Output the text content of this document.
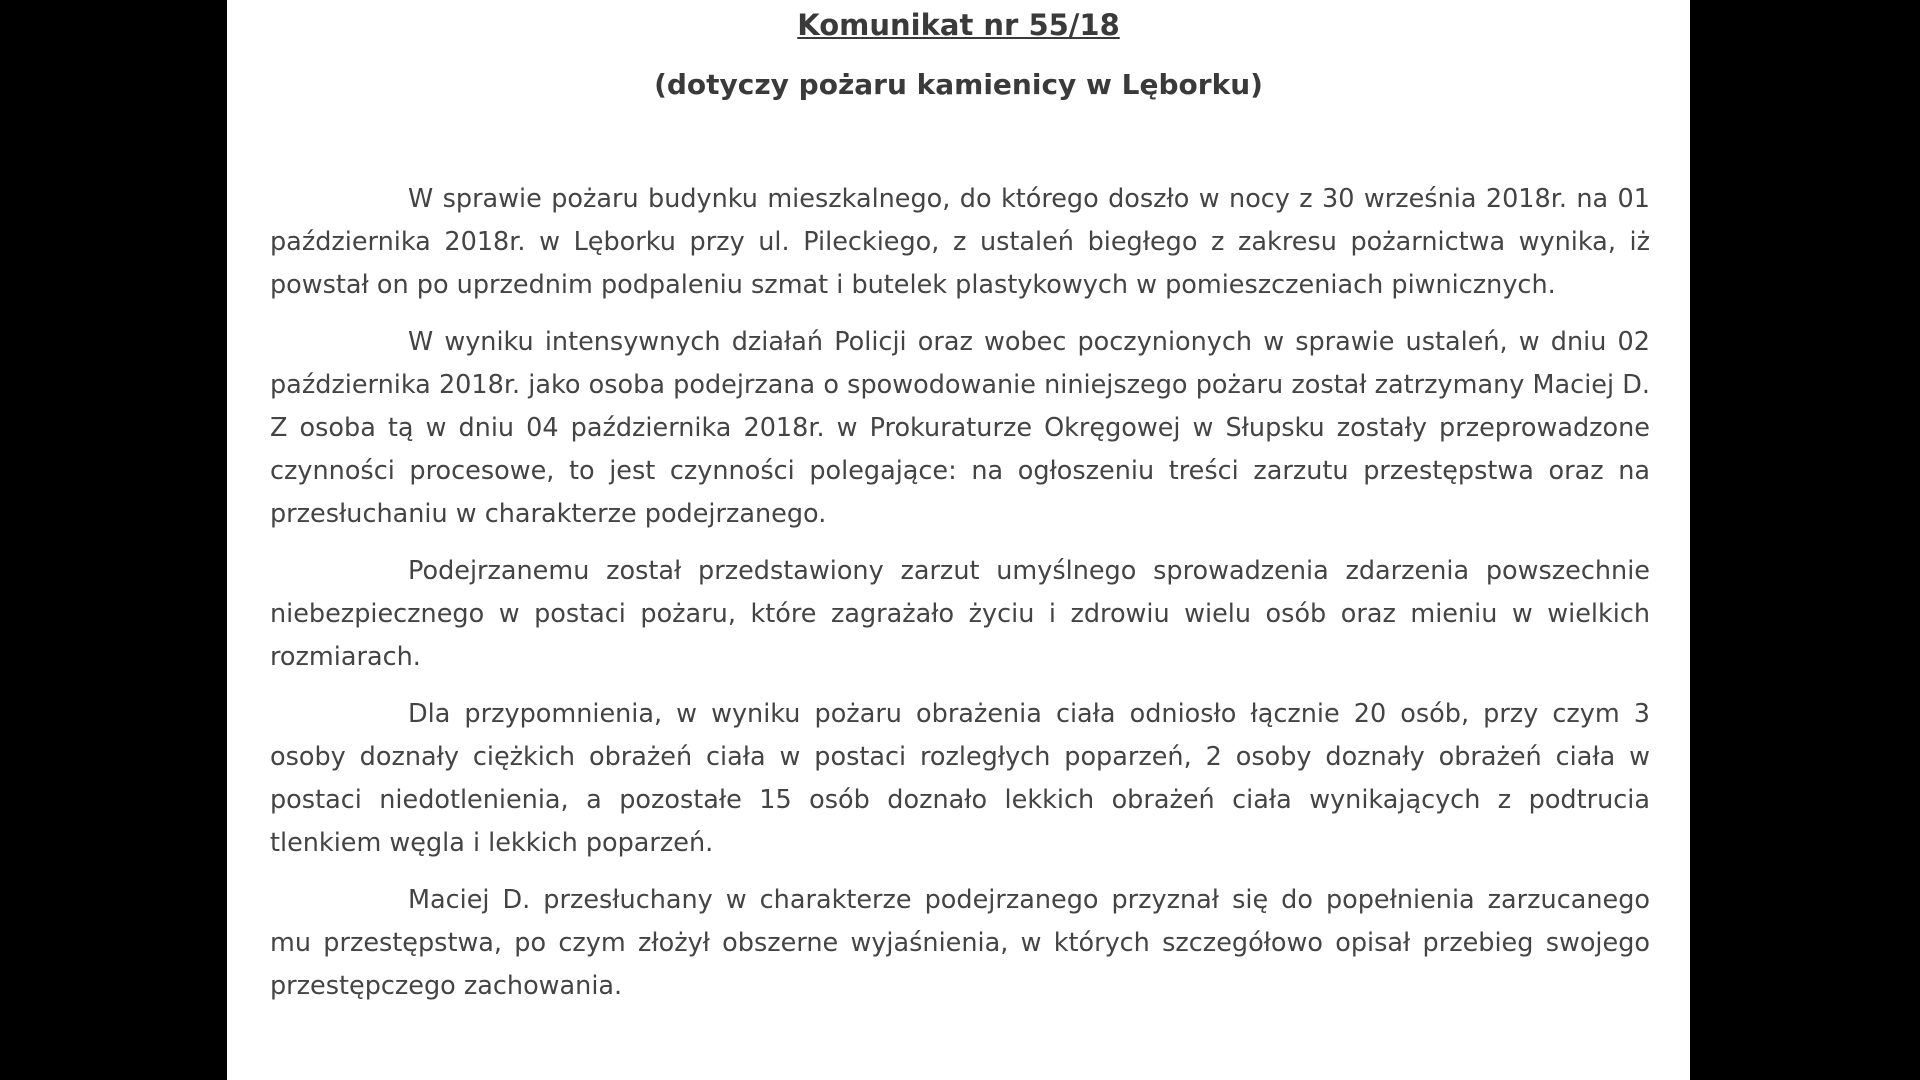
Komunikat nr 55/18
(dotyczy pożaru kamienicy w Lęborku)

W sprawie pożaru budynku mieszkalnego, do którego doszło w nocy z 30 września 2018r. na 01 października 2018r. w Lęborku przy ul. Pileckiego, z ustaleń biegłego z zakresu pożarnictwa wynika, iż powstał on po uprzednim podpaleniu szmat i butelek plastykowych w pomieszczeniach piwnicznych.

W wyniku intensywnych działań Policji oraz wobec poczynionych w sprawie ustaleń, w dniu 02 października 2018r. jako osoba podejrzana o spowodowanie niniejszego pożaru został zatrzymany Maciej D. Z osoba tą w dniu 04 października 2018r. w Prokuraturze Okręgowej w Słupsku zostały przeprowadzone czynności procesowe, to jest czynności polegające: na ogłoszeniu treści zarzutu przestępstwa oraz na przesłuchaniu w charakterze podejrzanego.

Podejrzanemu został przedstawiony zarzut umyślnego sprowadzenia zdarzenia powszechnie niebezpiecznego w postaci pożaru, które zagrażało życiu i zdrowiu wielu osób oraz mieniu w wielkich rozmiarach.

Dla przypomnienia, w wyniku pożaru obrażenia ciała odniosło łącznie 20 osób, przy czym 3 osoby doznały ciężkich obrażeń ciała w postaci rozległych poparzeń, 2 osoby doznały obrażeń ciała w postaci niedotlenienia, a pozostałe 15 osób doznało lekkich obrażeń ciała wynikających z podtrucia tlenkiem węgla i lekkich poparzeń.

Maciej D. przesłuchany w charakterze podejrzanego przyznał się do popełnienia zarzucanego mu przestępstwa, po czym złożył obszerne wyjaśnienia, w których szczegółowo opisał przebieg swojego przestępczego zachowania.
